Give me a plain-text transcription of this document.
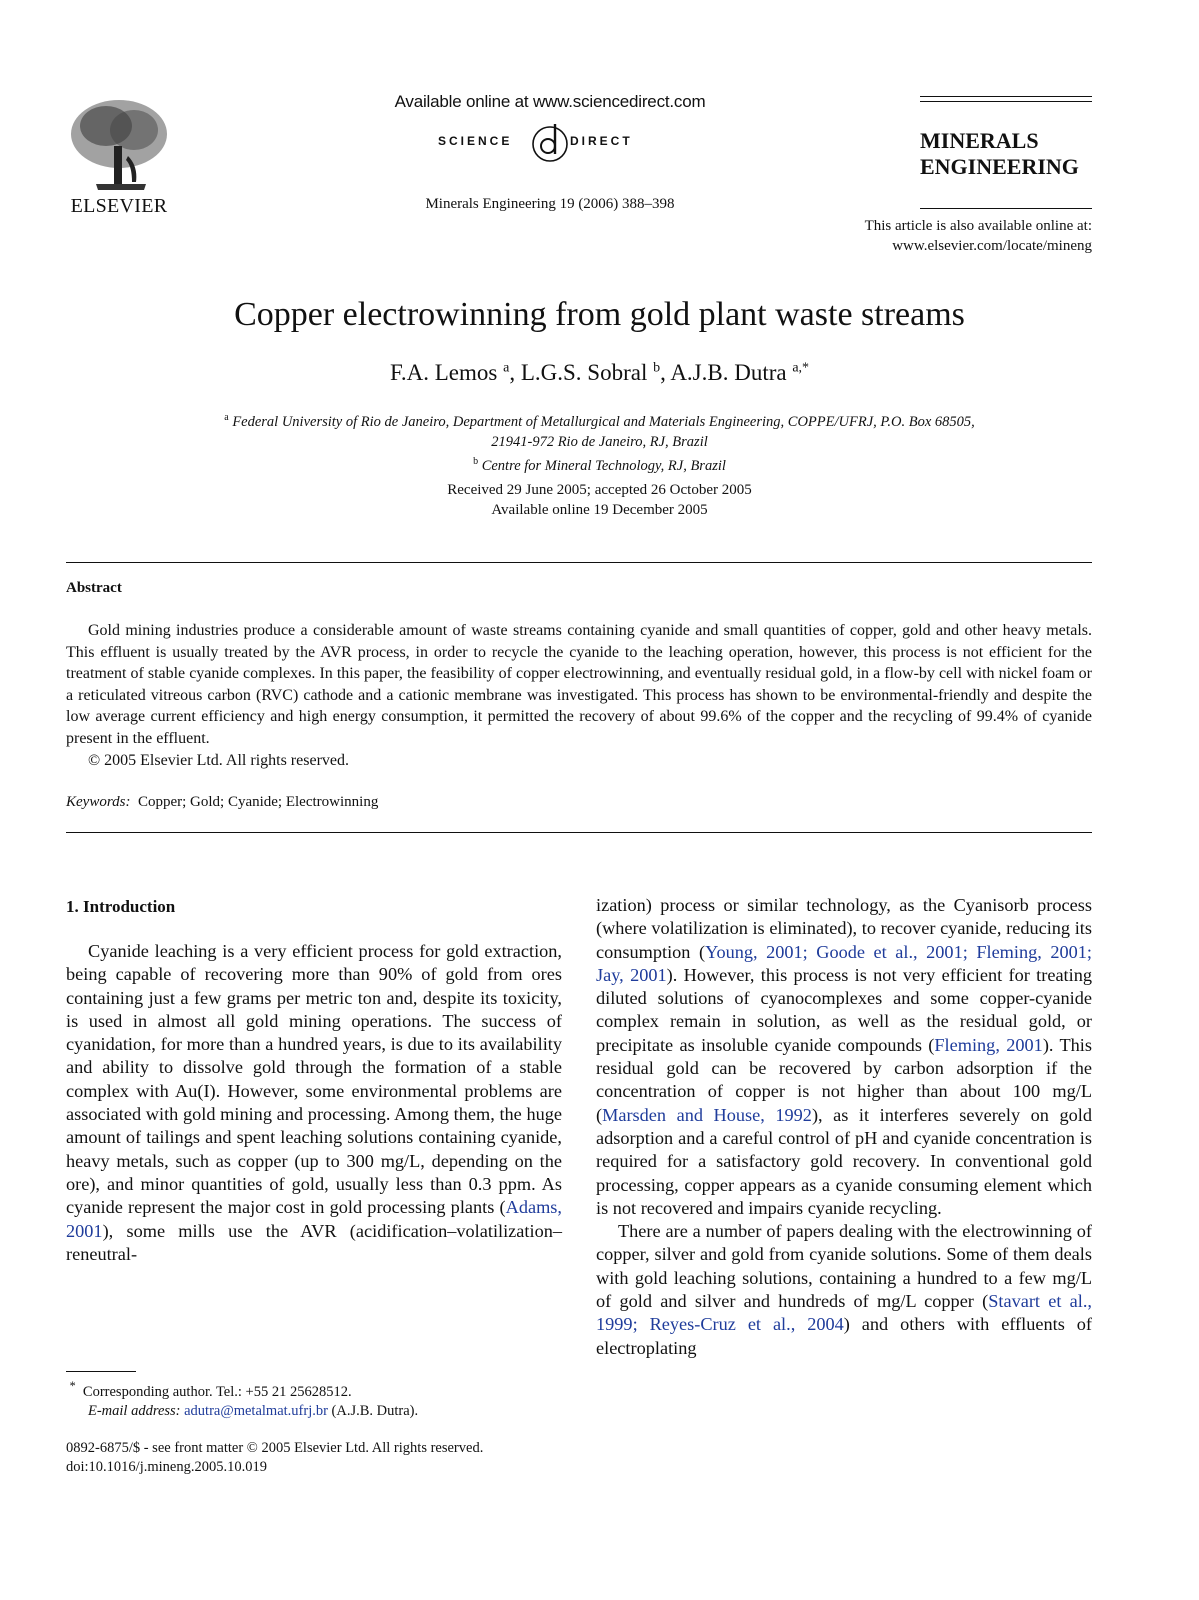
ELSEVIER
Available online at www.sciencedirect.com
SCIENCE	DIRECT
Minerals Engineering 19 (2006) 388–398
MINERALS
ENGINEERING
This article is also available online at:
www.elsevier.com/locate/mineng
Copper electrowinning from gold plant waste streams
F.A. Lemos $^a$, L.G.S. Sobral $^b$, A.J.B. Dutra $^{a,*}$
$^a$ Federal University of Rio de Janeiro, Department of Metallurgical and Materials Engineering, COPPE/UFRJ, P.O. Box 68505,
21941-972 Rio de Janeiro, RJ, Brazil
$^b$ Centre for Mineral Technology, RJ, Brazil
Received 29 June 2005; accepted 26 October 2005
Available online 19 December 2005
Abstract
Gold mining industries produce a considerable amount of waste streams containing cyanide and small quantities of copper, gold and other heavy metals. This effluent is usually treated by the AVR process, in order to recycle the cyanide to the leaching operation, however, this process is not efficient for the treatment of stable cyanide complexes. In this paper, the feasibility of copper electrowinning, and eventually residual gold, in a flow-by cell with nickel foam or a reticulated vitreous carbon (RVC) cathode and a cationic membrane was investigated. This process has shown to be environmental-friendly and despite the low average current efficiency and high energy consumption, it permitted the recovery of about 99.6% of the copper and the recycling of 99.4% of cyanide present in the effluent.
© 2005 Elsevier Ltd. All rights reserved.
Keywords: Copper; Gold; Cyanide; Electrowinning
1. Introduction
Cyanide leaching is a very efficient process for gold extraction, being capable of recovering more than 90% of gold from ores containing just a few grams per metric ton and, despite its toxicity, is used in almost all gold mining operations. The success of cyanidation, for more than a hundred years, is due to its availability and ability to dissolve gold through the formation of a stable complex with Au(I). However, some environmental problems are associated with gold mining and processing. Among them, the huge amount of tailings and spent leaching solutions containing cyanide, heavy metals, such as copper (up to 300 mg/L, depending on the ore), and minor quantities of gold, usually less than 0.3 ppm. As cyanide represent the major cost in gold processing plants (Adams, 2001), some mills use the AVR (acidification–volatilization–reneutral-

ization) process or similar technology, as the Cyanisorb process (where volatilization is eliminated), to recover cyanide, reducing its consumption (Young, 2001; Goode et al., 2001; Fleming, 2001; Jay, 2001). However, this process is not very efficient for treating diluted solutions of cyanocomplexes and some copper-cyanide complex remain in solution, as well as the residual gold, or precipitate as insoluble cyanide compounds (Fleming, 2001). This residual gold can be recovered by carbon adsorption if the concentration of copper is not higher than about 100 mg/L (Marsden and House, 1992), as it interferes severely on gold adsorption and a careful control of pH and cyanide concentration is required for a satisfactory gold recovery. In conventional gold processing, copper appears as a cyanide consuming element which is not recovered and impairs cyanide recycling.

There are a number of papers dealing with the electrowinning of copper, silver and gold from cyanide solutions. Some of them deals with gold leaching solutions, containing a hundred to a few mg/L of gold and silver and hundreds of mg/L copper (Stavart et al., 1999; Reyes-Cruz et al., 2004) and others with effluents of electroplating

* Corresponding author. Tel.: +55 21 25628512.
E-mail address: adutra@metalmat.ufrj.br (A.J.B. Dutra).
0892-6875/$ - see front matter © 2005 Elsevier Ltd. All rights reserved.
doi:10.1016/j.mineng.2005.10.019
